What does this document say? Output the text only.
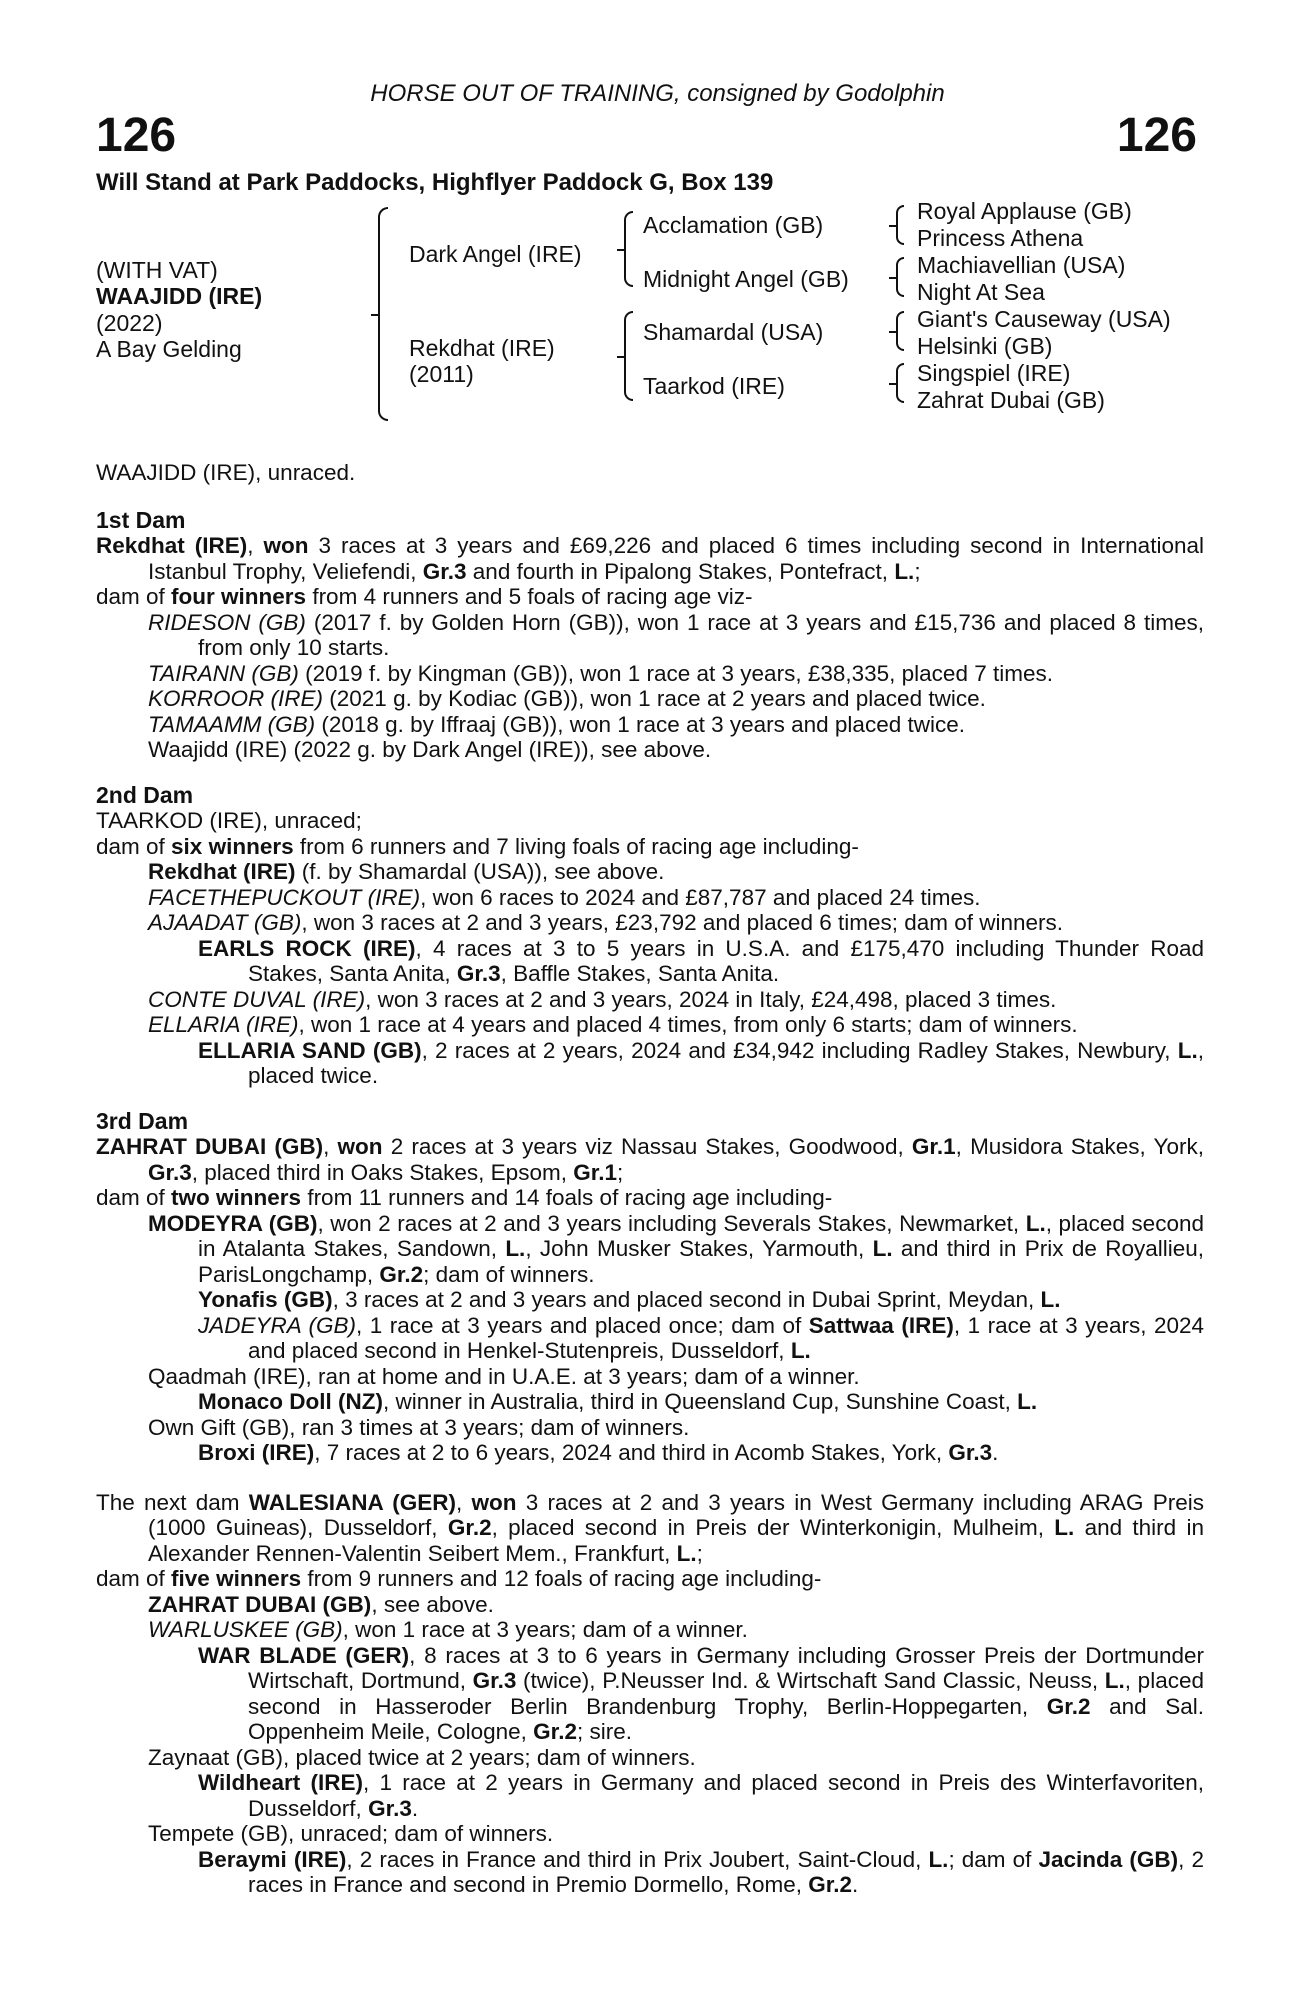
HORSE OUT OF TRAINING, consigned by Godolphin
126	126
Will Stand at Park Paddocks, Highflyer Paddock G, Box 139
(WITH VAT)
WAAJIDD (IRE)
(2022)
A Bay Gelding
Dark Angel (IRE)
Rekdhat (IRE)
(2011)
Acclamation (GB)
Midnight Angel (GB)
Shamardal (USA)
Taarkod (IRE)
Royal Applause (GB)
Princess Athena
Machiavellian (USA)
Night At Sea
Giant's Causeway (USA)
Helsinki (GB)
Singspiel (IRE)
Zahrat Dubai (GB)

WAAJIDD (IRE), unraced.

1st Dam

Rekdhat (IRE), won 3 races at 3 years and £69,226 and placed 6 times including second in International Istanbul Trophy, Veliefendi, Gr.3 and fourth in Pipalong Stakes, Pontefract, L.;

dam of four winners from 4 runners and 5 foals of racing age viz-

RIDESON (GB) (2017 f. by Golden Horn (GB)), won 1 race at 3 years and £15,736 and placed 8 times, from only 10 starts.

TAIRANN (GB) (2019 f. by Kingman (GB)), won 1 race at 3 years, £38,335, placed 7 times.

KORROOR (IRE) (2021 g. by Kodiac (GB)), won 1 race at 2 years and placed twice.

TAMAAMM (GB) (2018 g. by Iffraaj (GB)), won 1 race at 3 years and placed twice.

Waajidd (IRE) (2022 g. by Dark Angel (IRE)), see above.

2nd Dam

TAARKOD (IRE), unraced;

dam of six winners from 6 runners and 7 living foals of racing age including-

Rekdhat (IRE) (f. by Shamardal (USA)), see above.

FACETHEPUCKOUT (IRE), won 6 races to 2024 and £87,787 and placed 24 times.

AJAADAT (GB), won 3 races at 2 and 3 years, £23,792 and placed 6 times; dam of winners.

EARLS ROCK (IRE), 4 races at 3 to 5 years in U.S.A. and £175,470 including Thunder Road Stakes, Santa Anita, Gr.3, Baffle Stakes, Santa Anita.

CONTE DUVAL (IRE), won 3 races at 2 and 3 years, 2024 in Italy, £24,498, placed 3 times.

ELLARIA (IRE), won 1 race at 4 years and placed 4 times, from only 6 starts; dam of winners.

ELLARIA SAND (GB), 2 races at 2 years, 2024 and £34,942 including Radley Stakes, Newbury, L., placed twice.

3rd Dam

ZAHRAT DUBAI (GB), won 2 races at 3 years viz Nassau Stakes, Goodwood, Gr.1, Musidora Stakes, York, Gr.3, placed third in Oaks Stakes, Epsom, Gr.1;

dam of two winners from 11 runners and 14 foals of racing age including-

MODEYRA (GB), won 2 races at 2 and 3 years including Severals Stakes, Newmarket, L., placed second in Atalanta Stakes, Sandown, L., John Musker Stakes, Yarmouth, L. and third in Prix de Royallieu, ParisLongchamp, Gr.2; dam of winners.

Yonafis (GB), 3 races at 2 and 3 years and placed second in Dubai Sprint, Meydan, L.

JADEYRA (GB), 1 race at 3 years and placed once; dam of Sattwaa (IRE), 1 race at 3 years, 2024 and placed second in Henkel-Stutenpreis, Dusseldorf, L.

Qaadmah (IRE), ran at home and in U.A.E. at 3 years; dam of a winner.

Monaco Doll (NZ), winner in Australia, third in Queensland Cup, Sunshine Coast, L.

Own Gift (GB), ran 3 times at 3 years; dam of winners.

Broxi (IRE), 7 races at 2 to 6 years, 2024 and third in Acomb Stakes, York, Gr.3.

The next dam WALESIANA (GER), won 3 races at 2 and 3 years in West Germany including ARAG Preis (1000 Guineas), Dusseldorf, Gr.2, placed second in Preis der Winterkonigin, Mulheim, L. and third in Alexander Rennen-Valentin Seibert Mem., Frankfurt, L.;

dam of five winners from 9 runners and 12 foals of racing age including-

ZAHRAT DUBAI (GB), see above.

WARLUSKEE (GB), won 1 race at 3 years; dam of a winner.

WAR BLADE (GER), 8 races at 3 to 6 years in Germany including Grosser Preis der Dortmunder Wirtschaft, Dortmund, Gr.3 (twice), P.Neusser Ind. & Wirtschaft Sand Classic, Neuss, L., placed second in Hasseroder Berlin Brandenburg Trophy, Berlin-Hoppegarten, Gr.2 and Sal. Oppenheim Meile, Cologne, Gr.2; sire.

Zaynaat (GB), placed twice at 2 years; dam of winners.

Wildheart (IRE), 1 race at 2 years in Germany and placed second in Preis des Winterfavoriten, Dusseldorf, Gr.3.

Tempete (GB), unraced; dam of winners.

Beraymi (IRE), 2 races in France and third in Prix Joubert, Saint-Cloud, L.; dam of Jacinda (GB), 2 races in France and second in Premio Dormello, Rome, Gr.2.
